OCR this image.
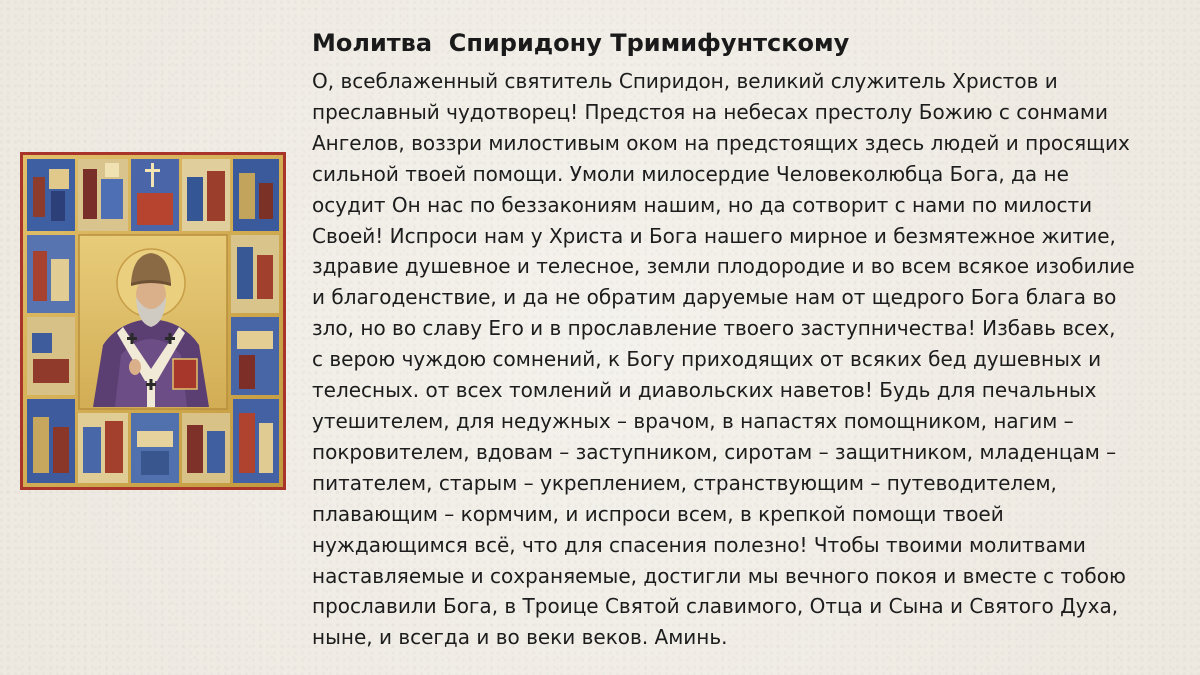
Молитва  Спиридону Тримифунтскому

О, всеблаженный святитель Спиридон, великий служитель Христов и
преславный чудотворец! Предстоя на небесах престолу Божию с сонмами
Ангелов, воззри милостивым оком на предстоящих здесь людей и просящих
сильной твоей помощи. Умоли милосердие Человеколюбца Бога, да не
осудит Он нас по беззакониям нашим, но да сотворит с нами по милости
Своей! Испроси нам у Христа и Бога нашего мирное и безмятежное житие,
здравие душевное и телесное, земли плодородие и во всем всякое изобилие
и благоденствие, и да не обратим даруемые нам от щедрого Бога блага во
зло, но во славу Его и в прославление твоего заступничества! Избавь всех,
с верою чуждою сомнений, к Богу приходящих от всяких бед душевных и
телесных. от всех томлений и диавольских наветов! Будь для печальных
утешителем, для недужных – врачом, в напастях помощником, нагим –
покровителем, вдовам – заступником, сиротам – защитником, младенцам –
питателем, старым – укреплением, странствующим – путеводителем,
плавающим – кормчим, и испроси всем, в крепкой помощи твоей
нуждающимся всё, что для спасения полезно! Чтобы твоими молитвами
наставляемые и сохраняемые, достигли мы вечного покоя и вместе с тобою
прославили Бога, в Троице Святой славимого, Отца и Сына и Святого Духа,
ныне, и всегда и во веки веков. Аминь.
